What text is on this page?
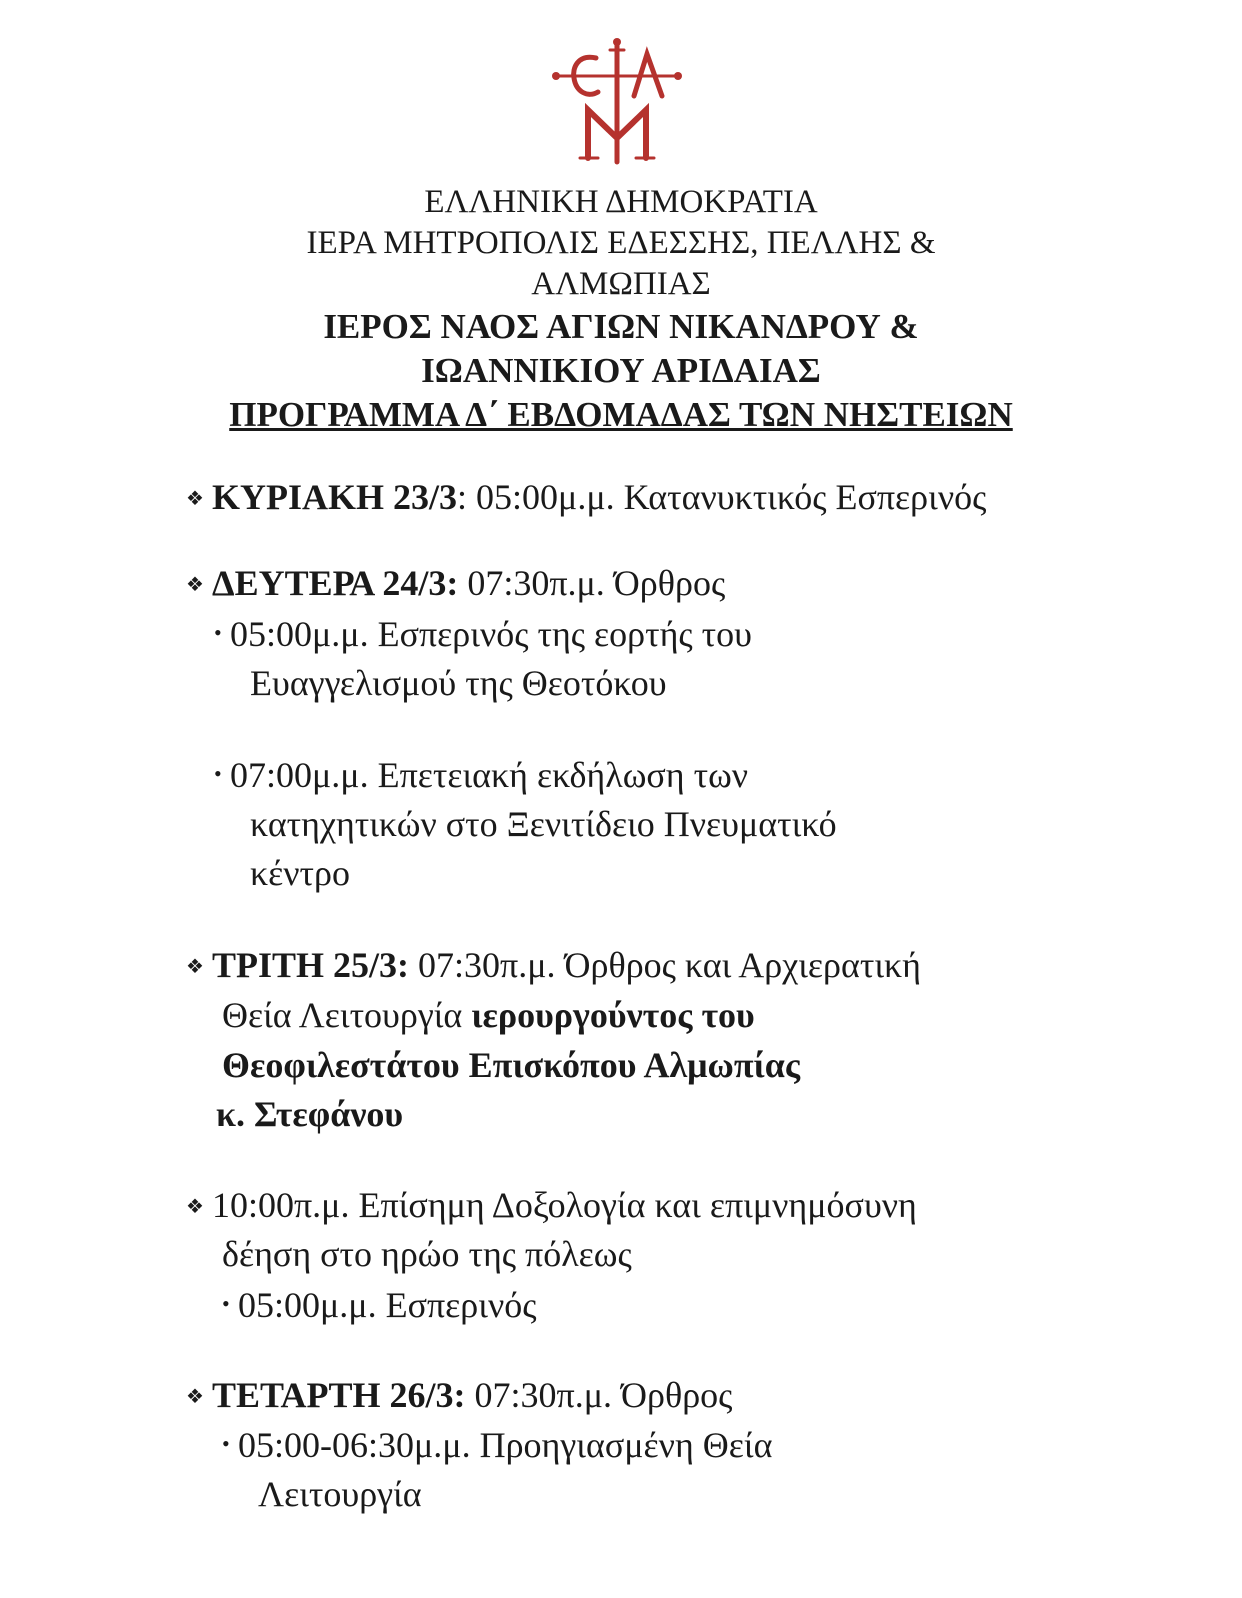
ΕΛΛΗΝΙΚΗ ΔΗΜΟΚΡΑΤΙΑ

ΙΕΡΑ ΜΗΤΡΟΠΟΛΙΣ ΕΔΕΣΣΗΣ, ΠΕΛΛΗΣ &

ΑΛΜΩΠΙΑΣ

ΙΕΡΟΣ ΝΑΟΣ ΑΓΙΩΝ ΝΙΚΑΝΔΡΟΥ &

ΙΩΑΝΝΙΚΙΟΥ ΑΡΙΔΑΙΑΣ

ΠΡΟΓΡΑΜΜΑ Δ΄ ΕΒΔΟΜΑΔΑΣ ΤΩΝ ΝΗΣΤΕΙΩΝ

❖ ΚΥΡΙΑΚΗ 23/3: 05:00μ.μ. Κατανυκτικός Εσπερινός
❖ ΔΕΥΤΕΡΑ 24/3: 07:30π.μ. Όρθρος
• 05:00μ.μ. Εσπερινός της εορτής του
Ευαγγελισμού της Θεοτόκου
• 07:00μ.μ. Επετειακή εκδήλωση των
κατηχητικών στο Ξενιτίδειο Πνευματικό
κέντρο
❖ ΤΡΙΤΗ 25/3: 07:30π.μ. Όρθρος και Αρχιερατική
Θεία Λειτουργία ιερουργούντος του
Θεοφιλεστάτου Επισκόπου Αλμωπίας
κ. Στεφάνου
❖ 10:00π.μ. Επίσημη Δοξολογία και επιμνημόσυνη
δέηση στο ηρώο της πόλεως
• 05:00μ.μ. Εσπερινός
❖ ΤΕΤΑΡΤΗ 26/3: 07:30π.μ. Όρθρος
• 05:00-06:30μ.μ. Προηγιασμένη Θεία
Λειτουργία
